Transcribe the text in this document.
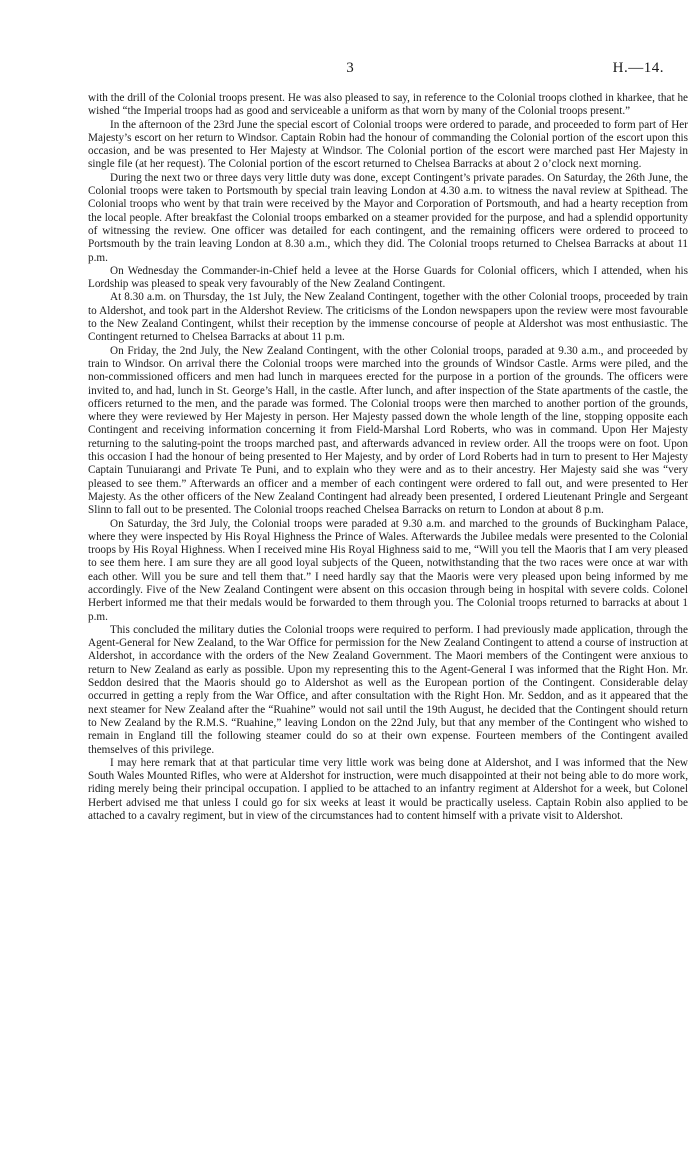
3	H.—14.

with the drill of the Colonial troops present. He was also pleased to say, in reference to the Colonial troops clothed in kharkee, that he wished “the Imperial troops had as good and serviceable a uniform as that worn by many of the Colonial troops present.”

In the afternoon of the 23rd June the special escort of Colonial troops were ordered to parade, and proceeded to form part of Her Majesty’s escort on her return to Windsor. Captain Robin had the honour of commanding the Colonial portion of the escort upon this occasion, and be was presented to Her Majesty at Windsor. The Colonial portion of the escort were marched past Her Majesty in single file (at her request). The Colonial portion of the escort returned to Chelsea Barracks at about 2 o’clock next morning.

During the next two or three days very little duty was done, except Contingent’s private parades. On Saturday, the 26th June, the Colonial troops were taken to Portsmouth by special train leaving London at 4.30 a.m. to witness the naval review at Spithead. The Colonial troops who went by that train were received by the Mayor and Corporation of Portsmouth, and had a hearty reception from the local people. After breakfast the Colonial troops embarked on a steamer provided for the purpose, and had a splendid opportunity of witnessing the review. One officer was detailed for each contingent, and the remaining officers were ordered to proceed to Portsmouth by the train leaving London at 8.30 a.m., which they did. The Colonial troops returned to Chelsea Barracks at about 11 p.m.

On Wednesday the Commander-in-Chief held a levee at the Horse Guards for Colonial officers, which I attended, when his Lordship was pleased to speak very favourably of the New Zealand Contingent.

At 8.30 a.m. on Thursday, the 1st July, the New Zealand Contingent, together with the other Colonial troops, proceeded by train to Aldershot, and took part in the Aldershot Review. The criticisms of the London newspapers upon the review were most favourable to the New Zealand Contingent, whilst their reception by the immense concourse of people at Aldershot was most enthusiastic. The Contingent returned to Chelsea Barracks at about 11 p.m.

On Friday, the 2nd July, the New Zealand Contingent, with the other Colonial troops, paraded at 9.30 a.m., and proceeded by train to Windsor. On arrival there the Colonial troops were marched into the grounds of Windsor Castle. Arms were piled, and the non-commissioned officers and men had lunch in marquees erected for the purpose in a portion of the grounds. The officers were invited to, and had, lunch in St. George’s Hall, in the castle. After lunch, and after inspection of the State apartments of the castle, the officers returned to the men, and the parade was formed. The Colonial troops were then marched to another portion of the grounds, where they were reviewed by Her Majesty in person. Her Majesty passed down the whole length of the line, stopping opposite each Contingent and receiving information concerning it from Field-Marshal Lord Roberts, who was in command. Upon Her Majesty returning to the saluting-point the troops marched past, and afterwards advanced in review order. All the troops were on foot. Upon this occasion I had the honour of being presented to Her Majesty, and by order of Lord Roberts had in turn to present to Her Majesty Captain Tunuiarangi and Private Te Puni, and to explain who they were and as to their ancestry. Her Majesty said she was “very pleased to see them.” Afterwards an officer and a member of each contingent were ordered to fall out, and were presented to Her Majesty. As the other officers of the New Zealand Contingent had already been presented, I ordered Lieutenant Pringle and Sergeant Slinn to fall out to be presented. The Colonial troops reached Chelsea Barracks on return to London at about 8 p.m.

On Saturday, the 3rd July, the Colonial troops were paraded at 9.30 a.m. and marched to the grounds of Buckingham Palace, where they were inspected by His Royal Highness the Prince of Wales. Afterwards the Jubilee medals were presented to the Colonial troops by His Royal Highness. When I received mine His Royal Highness said to me, “Will you tell the Maoris that I am very pleased to see them here. I am sure they are all good loyal subjects of the Queen, notwithstanding that the two races were once at war with each other. Will you be sure and tell them that.” I need hardly say that the Maoris were very pleased upon being informed by me accordingly. Five of the New Zealand Contingent were absent on this occasion through being in hospital with severe colds. Colonel Herbert informed me that their medals would be forwarded to them through you. The Colonial troops returned to barracks at about 1 p.m.

This concluded the military duties the Colonial troops were required to perform. I had previously made application, through the Agent-General for New Zealand, to the War Office for permission for the New Zealand Contingent to attend a course of instruction at Aldershot, in accordance with the orders of the New Zealand Government. The Maori members of the Contingent were anxious to return to New Zealand as early as possible. Upon my representing this to the Agent-General I was informed that the Right Hon. Mr. Seddon desired that the Maoris should go to Aldershot as well as the European portion of the Contingent. Considerable delay occurred in getting a reply from the War Office, and after consultation with the Right Hon. Mr. Seddon, and as it appeared that the next steamer for New Zealand after the “Ruahine” would not sail until the 19th August, he decided that the Contingent should return to New Zealand by the R.M.S. “Ruahine,” leaving London on the 22nd July, but that any member of the Contingent who wished to remain in England till the following steamer could do so at their own expense. Fourteen members of the Contingent availed themselves of this privilege.

I may here remark that at that particular time very little work was being done at Aldershot, and I was informed that the New South Wales Mounted Rifles, who were at Aldershot for instruction, were much disappointed at their not being able to do more work, riding merely being their principal occupation. I applied to be attached to an infantry regiment at Aldershot for a week, but Colonel Herbert advised me that unless I could go for six weeks at least it would be practically useless. Captain Robin also applied to be attached to a cavalry regiment, but in view of the circumstances had to content himself with a private visit to Aldershot.
